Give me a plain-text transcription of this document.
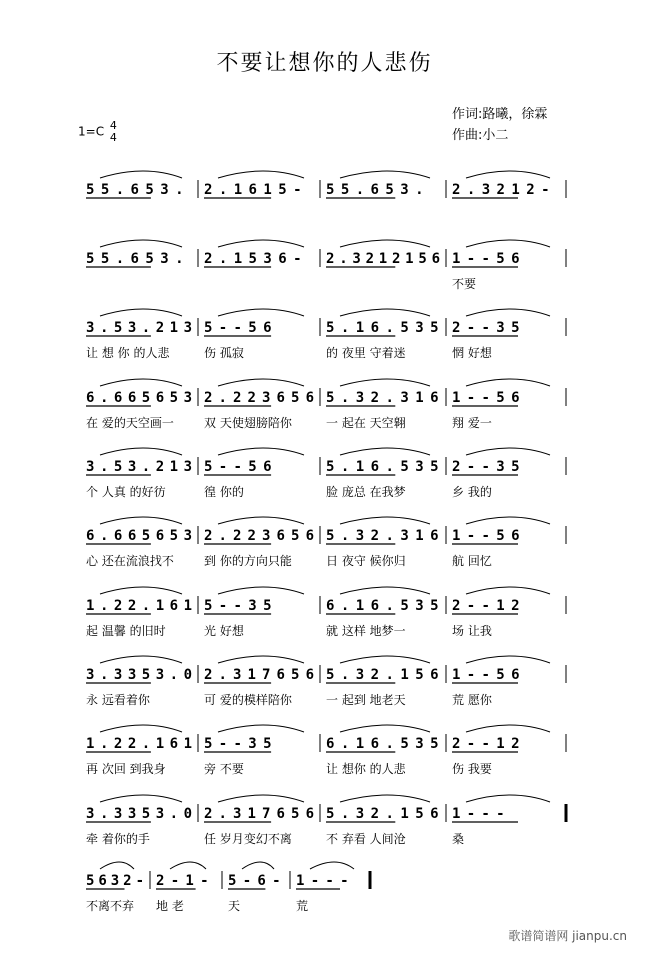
不要让想你的人悲伤
1=C 4
4
作词:路曦，徐霖
作曲:小二
5 5 . 6 5 3 . 2 . 1 6 1 5 - 5 5 . 6 5 3 . 2 . 3 2 1 2 -
5 5 . 6 5 3 . 2 . 1 5 3 6 - 2 . 3 2 1 2 1 5 6 1 - - 5 6
不要
3 . 5 3 . 2 1 3
让 想 你 的人悲
5 - - 5 6
伤 孤寂
5 . 1 6 . 5 3 5
的 夜里 守着迷
2 - - 3 5
惘 好想
6 . 6 6 5 6 5 3
在 爱的天空画一
2 . 2 2 3 6 5 6
双 天使翅膀陪你
5 . 3 2 . 3 1 6
一 起在 天空翱
1 - - 5 6
翔 爱一
3 . 5 3 . 2 1 3
个 人真 的好彷
5 - - 5 6
徨 你的
5 . 1 6 . 5 3 5
脸 庞总 在我梦
2 - - 3 5
乡 我的
6 . 6 6 5 6 5 3
心 还在流浪找不
2 . 2 2 3 6 5 6
到 你的方向只能
5 . 3 2 . 3 1 6
日 夜守 候你归
1 - - 5 6
航 回忆
1 . 2 2 . 1 6 1
起 温馨 的旧时
5 - - 3 5
光 好想
6 . 1 6 . 5 3 5
就 这样 地梦一
2 - - 1 2
场 让我
3 . 3 3 5 3 . 0
永 远看着你
2 . 3 1 7 6 5 6
可 爱的模样陪你
5 . 3 2 . 1 5 6
一 起到 地老天
1 - - 5 6
荒 愿你
1 . 2 2 . 1 6 1
再 次回 到我身
5 - - 3 5
旁 不要
6 . 1 6 . 5 3 5
让 想你 的人悲
2 - - 1 2
伤 我要
3 . 3 3 5 3 . 0
牵 着你的手
2 . 3 1 7 6 5 6
任 岁月变幻不离
5 . 3 2 . 1 5 6
不 弃看 人间沧
1 - - -
桑
5 6 3 2 -
不离不弃
2 - 1 -
地 老
5 - 6 -
天
1 - - -
荒
歌谱简谱网 jianpu.cn
